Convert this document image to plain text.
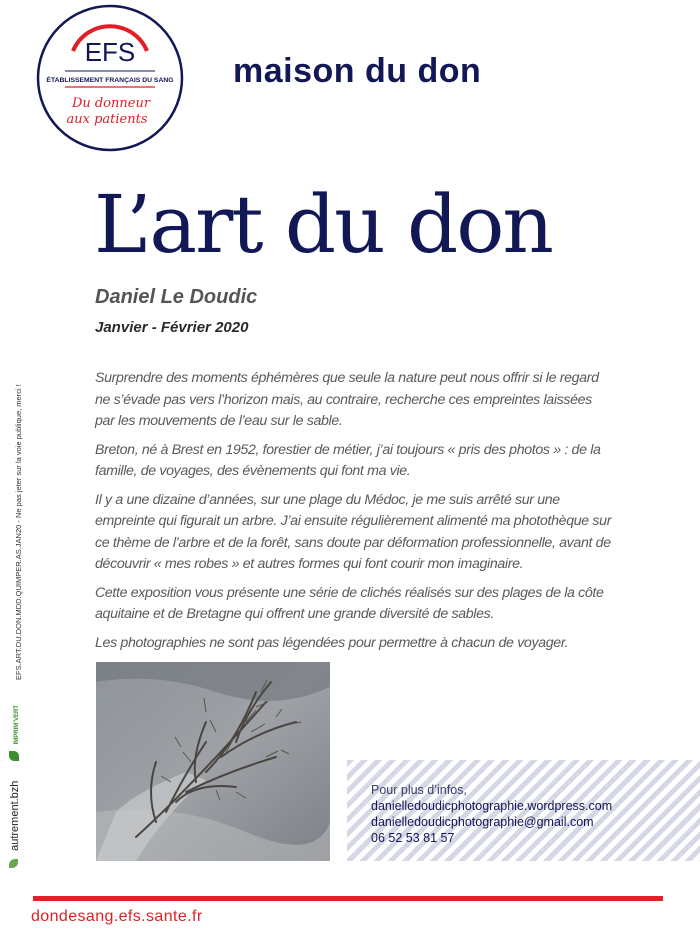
EFS
ÉTABLISSEMENT FRANÇAIS DU SANG
Du donneur
aux patients
maison du don
L’art du don
Daniel Le Doudic
Janvier - Février 2020

Surprendre des moments éphémères que seule la nature peut nous offrir si le regard ne s’évade pas vers l’horizon mais, au contraire, recherche ces empreintes laissées par les mouvements de l’eau sur le sable.

Breton, né à Brest en 1952, forestier de métier, j’ai toujours « pris des photos » : de la famille, de voyages, des évènements qui font ma vie.

Il y a une dizaine d’années, sur une plage du Médoc, je me suis arrêté sur une empreinte qui figurait un arbre. J’ai ensuite régulièrement alimenté ma photothèque sur ce thème de l’arbre et de la forêt, sans doute par déformation professionnelle, avant de découvrir « mes robes » et autres formes qui font courir mon imaginaire.

Cette exposition vous présente une série de clichés réalisés sur des plages de la côte aquitaine et de Bretagne qui offrent une grande diversité de sables.

Les photographies ne sont pas légendées pour permettre à chacun de voyager.

EFS.ART.DU.DON.MDD.QUIMPER.AS.JAN20 - Ne pas jeter sur la voie publique, merci !
autrement.bzh  IMPRIM’VERT
Pour plus d’infos,
danielledoudicphotographie.wordpress.com
danielledoudicphotographie@gmail.com
06 52 53 81 57
dondesang.efs.sante.fr
